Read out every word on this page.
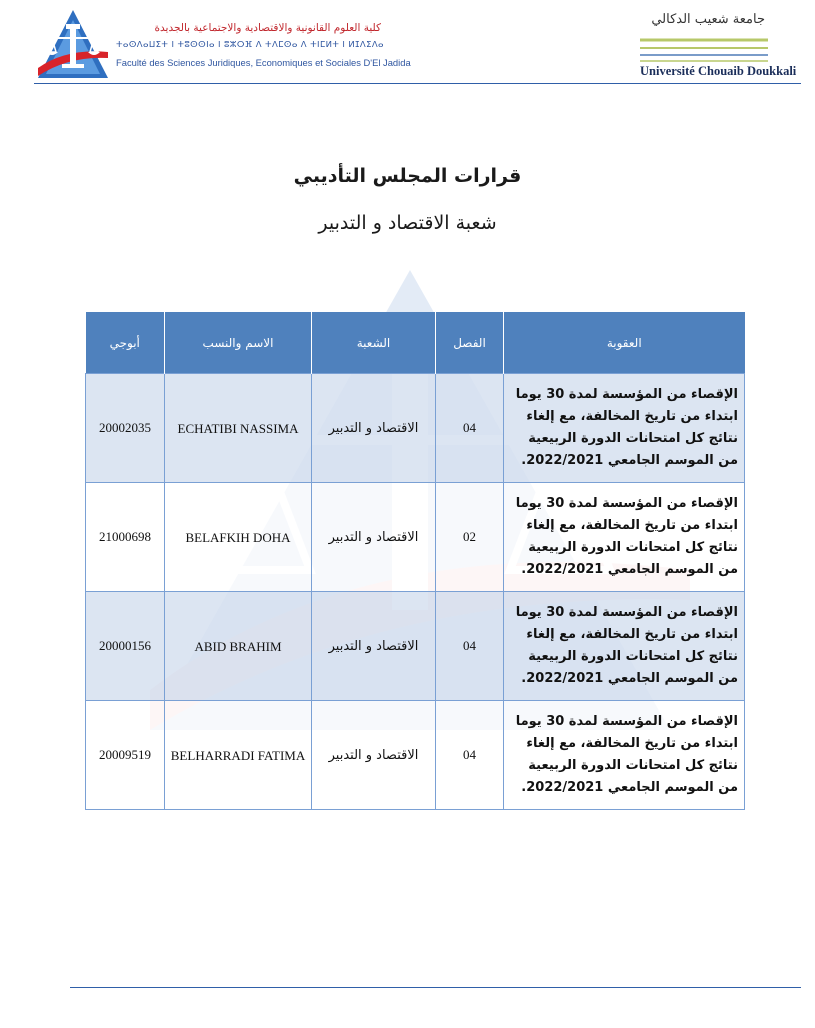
كلية العلوم القانونية والاقتصادية والاجتماعية بالجديدة
ⵜⴰⵙⴷⴰⵡⵉⵜ ⵏ ⵜⵓⵙⵙⵏⴰ ⵏ ⵓⵣⵔⴼ ⴷ ⵜⴷⵎⵙⴰ ⴷ ⵜⵏⵎⵍⵜ ⵏ ⵍⵊⴷⵉⴷⴰ
Faculté des Sciences Juridiques, Economiques et Sociales D'El Jadida
جامعة شعيب الدكالي
Université Chouaib Doukkali
قرارات المجلس التأديبي
شعبة الاقتصاد و التدبير
أبوجي	الاسم والنسب	الشعبة	الفصل	العقوبة
20002035	ECHATIBI NASSIMA	الاقتصاد و التدبير	04	الإقصاء من المؤسسة لمدة 30 يوما ابتداء من تاريخ المخالفة، مع إلغاء نتائج كل امتحانات الدورة الربيعية من الموسم الجامعي 2022/2021.
21000698	BELAFKIH DOHA	الاقتصاد و التدبير	02	الإقصاء من المؤسسة لمدة 30 يوما ابتداء من تاريخ المخالفة، مع إلغاء نتائج كل امتحانات الدورة الربيعية من الموسم الجامعي 2022/2021.
20000156	ABID BRAHIM	الاقتصاد و التدبير	04	الإقصاء من المؤسسة لمدة 30 يوما ابتداء من تاريخ المخالفة، مع إلغاء نتائج كل امتحانات الدورة الربيعية من الموسم الجامعي 2022/2021.
20009519	BELHARRADI FATIMA	الاقتصاد و التدبير	04	الإقصاء من المؤسسة لمدة 30 يوما ابتداء من تاريخ المخالفة، مع إلغاء نتائج كل امتحانات الدورة الربيعية من الموسم الجامعي 2022/2021.
